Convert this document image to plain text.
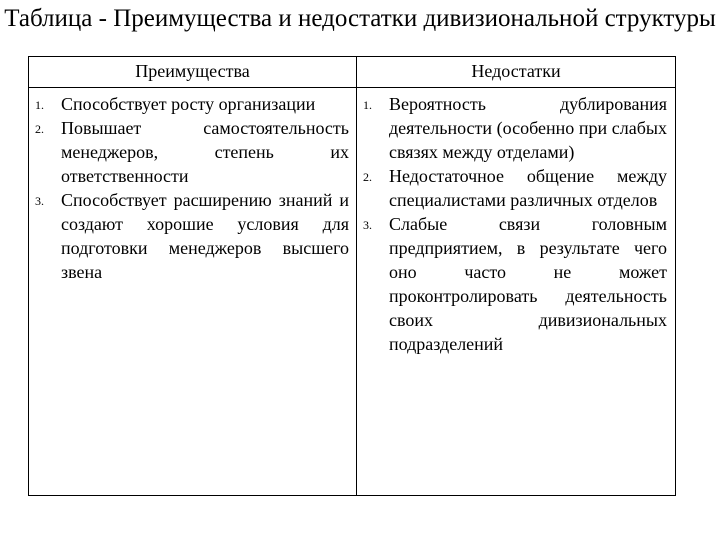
Таблица - Преимущества и недостатки дивизиональной структуры
Преимущества	Недостатки
1. Способствует росту организации
2. Повышает самостоятельность менеджеров, степень их ответственности
3. Способствует расширению знаний и создают хорошие условия для подготовки менеджеров высшего звена
1. Вероятность дублирования деятельности (особенно при слабых связях между отделами)
2. Недостаточное общение между специалистами различных отделов
3. Слабые связи головным предприятием, в результате чего оно часто не может проконтролировать деятельность своих дивизиональных подразделений
